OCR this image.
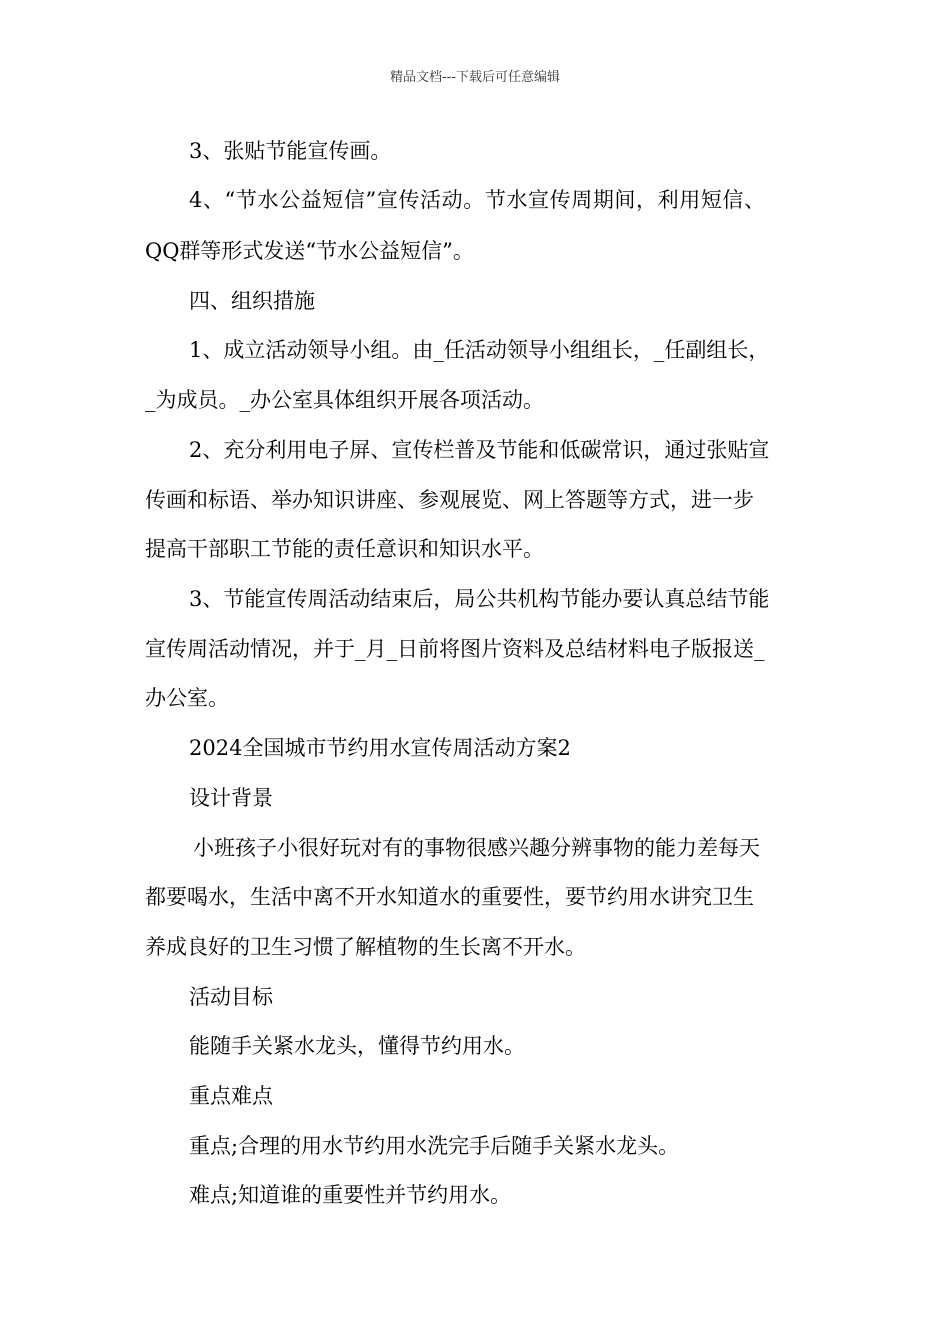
精品文档---下载后可任意编辑
3、张贴节能宣传画。
4、“节水公益短信”宣传活动。节水宣传周期间，利用短信、
QQ群等形式发送“节水公益短信”。
四、组织措施
1、成立活动领导小组。由_任活动领导小组组长，_任副组长，
_为成员。_办公室具体组织开展各项活动。
2、充分利用电子屏、宣传栏普及节能和低碳常识，通过张贴宣
传画和标语、举办知识讲座、参观展览、网上答题等方式，进一步
提高干部职工节能的责任意识和知识水平。
3、节能宣传周活动结束后，局公共机构节能办要认真总结节能
宣传周活动情况，并于_月_日前将图片资料及总结材料电子版报送_
办公室。
2024全国城市节约用水宣传周活动方案2
设计背景
小班孩子小很好玩对有的事物很感兴趣分辨事物的能力差每天
都要喝水，生活中离不开水知道水的重要性，要节约用水讲究卫生
养成良好的卫生习惯了解植物的生长离不开水。
活动目标
能随手关紧水龙头，懂得节约用水。
重点难点
重点;合理的用水节约用水洗完手后随手关紧水龙头。
难点;知道谁的重要性并节约用水。
